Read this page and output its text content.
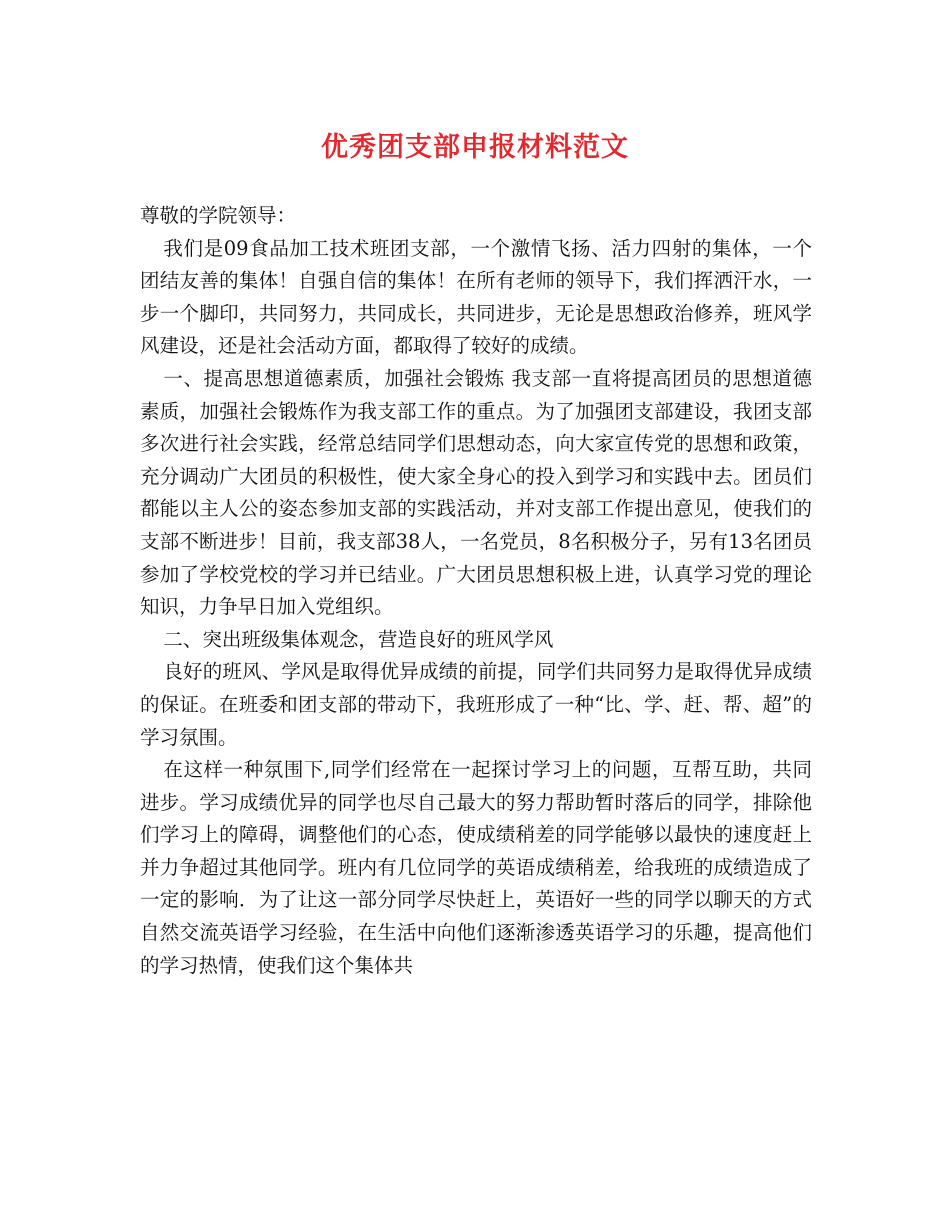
优秀团支部申报材料范文

尊敬的学院领导：

我们是09食品加工技术班团支部，一个激情飞扬、活力四射的集体，一个团结友善的集体！自强自信的集体！在所有老师的领导下，我们挥洒汗水，一步一个脚印，共同努力，共同成长，共同进步，无论是思想政治修养，班风学风建设，还是社会活动方面，都取得了较好的成绩。

一、提高思想道德素质，加强社会锻炼 我支部一直将提高团员的思想道德素质，加强社会锻炼作为我支部工作的重点。为了加强团支部建设，我团支部多次进行社会实践，经常总结同学们思想动态，向大家宣传党的思想和政策，充分调动广大团员的积极性，使大家全身心的投入到学习和实践中去。团员们都能以主人公的姿态参加支部的实践活动，并对支部工作提出意见，使我们的支部不断进步！目前，我支部38人，一名党员，8名积极分子，另有13名团员参加了学校党校的学习并已结业。广大团员思想积极上进，认真学习党的理论知识，力争早日加入党组织。

二、突出班级集体观念，营造良好的班风学风

良好的班风、学风是取得优异成绩的前提，同学们共同努力是取得优异成绩的保证。在班委和团支部的带动下，我班形成了一种“比、学、赶、帮、超”的学习氛围。

在这样一种氛围下,同学们经常在一起探讨学习上的问题，互帮互助，共同进步。学习成绩优异的同学也尽自己最大的努力帮助暂时落后的同学，排除他们学习上的障碍，调整他们的心态，使成绩稍差的同学能够以最快的速度赶上并力争超过其他同学。班内有几位同学的英语成绩稍差，给我班的成绩造成了一定的影响．为了让这一部分同学尽快赶上，英语好一些的同学以聊天的方式自然交流英语学习经验，在生活中向他们逐渐渗透英语学习的乐趣，提高他们的学习热情，使我们这个集体共
